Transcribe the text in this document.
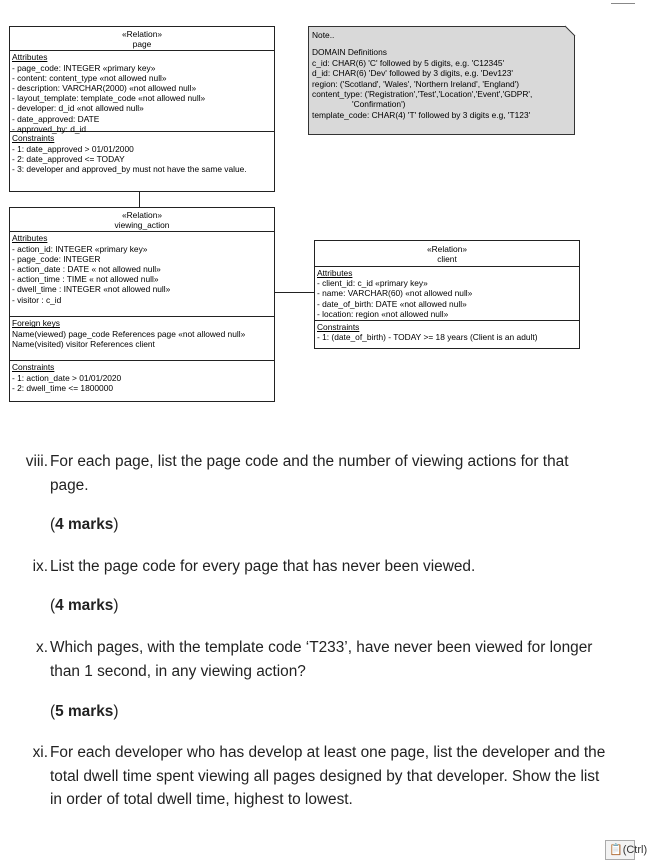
«Relation»
page
Attributes
- page_code: INTEGER «primary key»
- content: content_type «not allowed null»
- description: VARCHAR(2000) «not allowed null»
- layout_template: template_code «not allowed null»
- developer: d_id «not allowed null»
- date_approved: DATE
- approved_by: d_id
Constraints
- 1: date_approved > 01/01/2000
- 2: date_approved <= TODAY
- 3: developer and approved_by must not have the same value.
Note..
DOMAIN Definitions
c_id: CHAR(6) 'C' followed by 5 digits, e.g. 'C12345'
d_id: CHAR(6) 'Dev' followed by 3 digits, e.g. 'Dev123'
region: ('Scotland', 'Wales', 'Northern Ireland', 'England')
content_type: ('Registration','Test','Location','Event','GDPR',
'Confirmation')
template_code: CHAR(4) 'T' followed by 3 digits e.g, 'T123'
«Relation»
viewing_action
Attributes
- action_id: INTEGER «primary key»
- page_code: INTEGER
- action_date : DATE « not allowed null»
- action_time : TIME « not allowed null»
- dwell_time : INTEGER «not allowed null»
- visitor : c_id
Foreign keys
Name(viewed) page_code References page «not allowed null»
Name(visited) visitor References client
Constraints
- 1: action_date > 01/01/2020
- 2: dwell_time <= 1800000
«Relation»
client
Attributes
- client_id: c_id «primary key»
- name: VARCHAR(60) «not allowed null»
- date_of_birth: DATE «not allowed null»
- location: region «not allowed null»
Constraints
- 1: (date_of_birth) - TODAY >= 18 years (Client is an adult)
viii. For each page, list the page code and the number of viewing actions for that page.
(4 marks)
ix. List the page code for every page that has never been viewed.
(4 marks)
x. Which pages, with the template code ‘T233’, have never been viewed for longer than 1 second, in any viewing action?
(5 marks)
xi. For each developer who has develop at least one page, list the developer and the total dwell time spent viewing all pages designed by that developer. Show the list in order of total dwell time, highest to lowest.
📋(Ctrl)
